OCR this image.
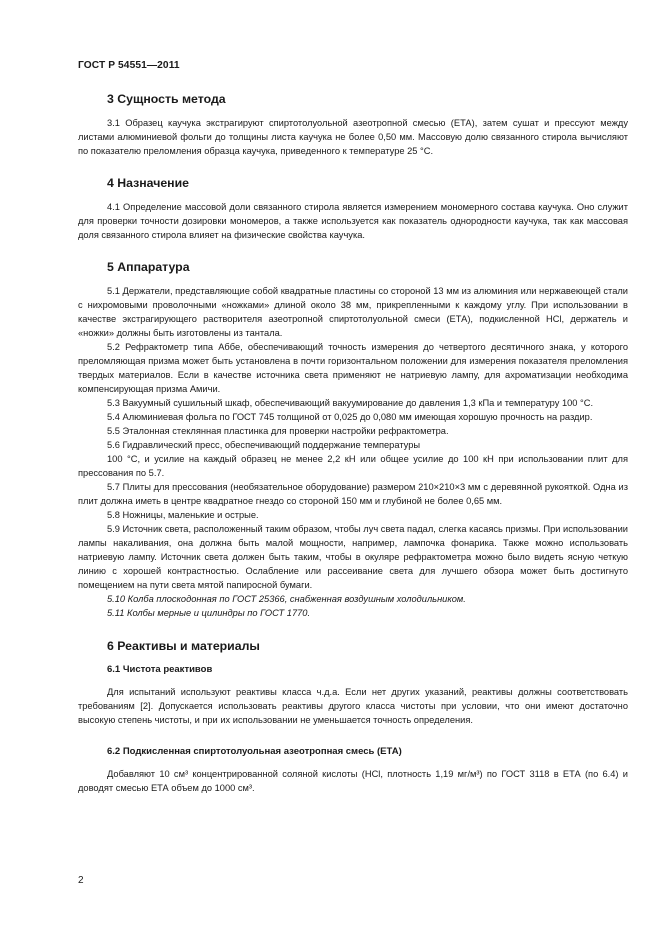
ГОСТ Р 54551—2011
3 Сущность метода

3.1 Образец каучука экстрагируют спиртотолуольной азеотропной смесью (ЕТА), затем сушат и прессуют между листами алюминиевой фольги до толщины листа каучука не более 0,50 мм. Массовую долю связанного стирола вычисляют по показателю преломления образца каучука, приведенного к температуре 25 °С.

4 Назначение

4.1 Определение массовой доли связанного стирола является измерением мономерного состава каучука. Оно служит для проверки точности дозировки мономеров, а также используется как показатель однородности каучука, так как массовая доля связанного стирола влияет на физические свойства каучука.

5 Аппаратура

5.1 Держатели, представляющие собой квадратные пластины со стороной 13 мм из алюминия или нержавеющей стали с нихромовыми проволочными «ножками» длиной около 38 мм, прикрепленными к каждому углу. При использовании в качестве экстрагирующего растворителя азеотропной спиртотолуольной смеси (ЕТА), подкисленной НСl, держатель и «ножки» должны быть изготовлены из тантала.

5.2 Рефрактометр типа Аббе, обеспечивающий точность измерения до четвертого десятичного знака, у которого преломляющая призма может быть установлена в почти горизонтальном положении для измерения показателя преломления твердых материалов. Если в качестве источника света применяют не натриевую лампу, для ахроматизации необходима компенсирующая призма Амичи.

5.3 Вакуумный сушильный шкаф, обеспечивающий вакуумирование до давления 1,3 кПа и температуру 100 °С.

5.4 Алюминиевая фольга по ГОСТ 745 толщиной от 0,025 до 0,080 мм имеющая хорошую прочность на раздир.

5.5 Эталонная стеклянная пластинка для проверки настройки рефрактометра.

5.6 Гидравлический пресс, обеспечивающий поддержание температуры

100 °С, и усилие на каждый образец не менее 2,2 кН или общее усилие до 100 кН при использовании плит для прессования по 5.7.

5.7 Плиты для прессования (необязательное оборудование) размером 210×210×3 мм с деревянной рукояткой. Одна из плит должна иметь в центре квадратное гнездо со стороной 150 мм и глубиной не более 0,65 мм.

5.8 Ножницы, маленькие и острые.

5.9 Источник света, расположенный таким образом, чтобы луч света падал, слегка касаясь призмы. При использовании лампы накаливания, она должна быть малой мощности, например, лампочка фонарика. Также можно использовать натриевую лампу. Источник света должен быть таким, чтобы в окуляре рефрактометра можно было видеть ясную четкую линию с хорошей контрастностью. Ослабление или рассеивание света для лучшего обзора может быть достигнуто помещением на пути света мятой папиросной бумаги.

5.10 Колба плоскодонная по ГОСТ 25366, снабженная воздушным холодильником.

5.11 Колбы мерные и цилиндры по ГОСТ 1770.

6 Реактивы и материалы
6.1 Чистота реактивов

Для испытаний используют реактивы класса ч.д.а. Если нет других указаний, реактивы должны соответствовать требованиям [2]. Допускается использовать реактивы другого класса чистоты при условии, что они имеют достаточно высокую степень чистоты, и при их использовании не уменьшается точность определения.

6.2 Подкисленная спиртотолуольная азеотропная смесь (ЕТА)

Добавляют 10 см³ концентрированной соляной кислоты (НСl, плотность 1,19 мг/м³) по ГОСТ 3118 в ЕТА (по 6.4) и доводят смесью ЕТА объем до 1000 см³.

2
